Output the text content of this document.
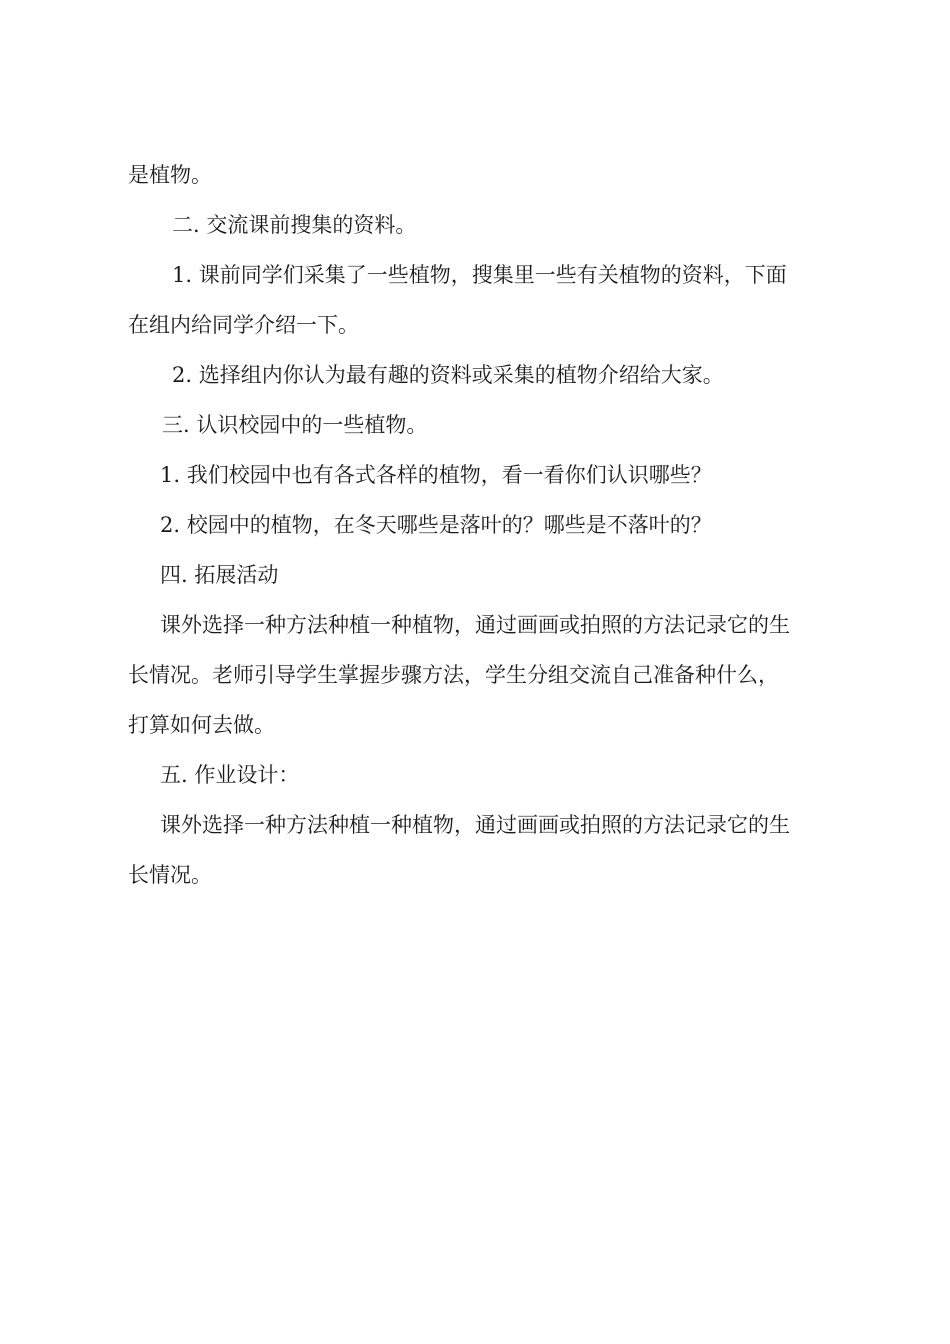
是植物。
二. 交流课前搜集的资料。
1. 课前同学们采集了一些植物，搜集里一些有关植物的资料，下面
在组内给同学介绍一下。
2. 选择组内你认为最有趣的资料或采集的植物介绍给大家。
三. 认识校园中的一些植物。
1. 我们校园中也有各式各样的植物，看一看你们认识哪些？
2. 校园中的植物，在冬天哪些是落叶的？哪些是不落叶的？
四. 拓展活动
课外选择一种方法种植一种植物，通过画画或拍照的方法记录它的生
长情况。老师引导学生掌握步骤方法，学生分组交流自己准备种什么，
打算如何去做。
五. 作业设计：
课外选择一种方法种植一种植物，通过画画或拍照的方法记录它的生
长情况。
